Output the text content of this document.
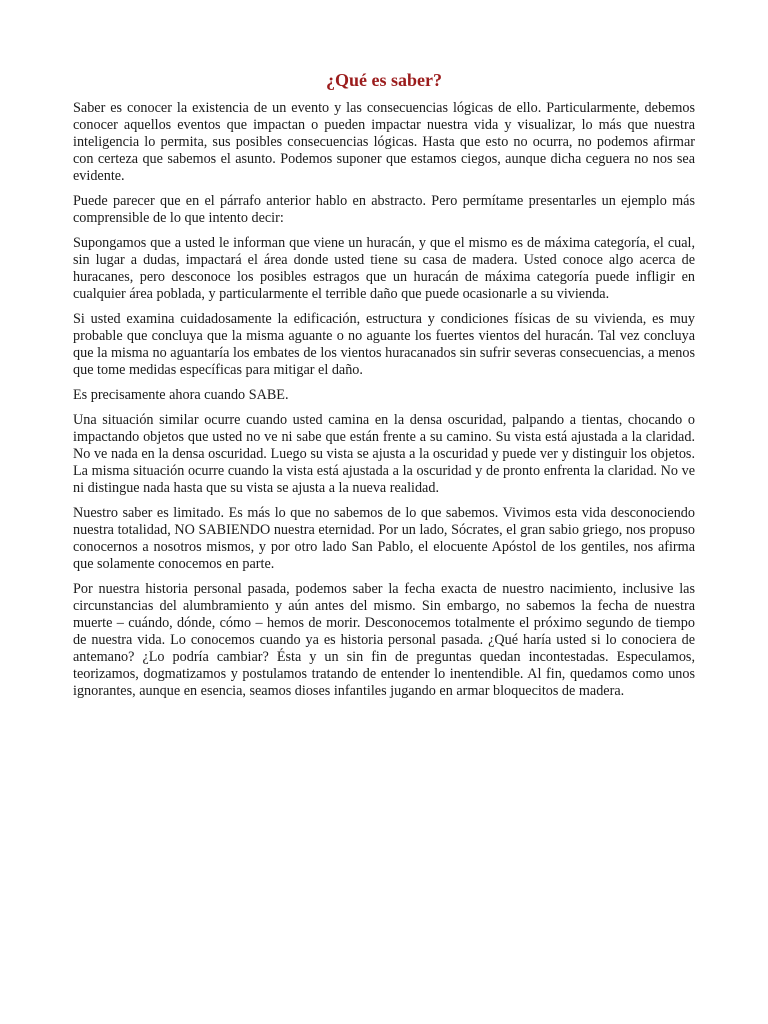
¿Qué es saber?

Saber es conocer la existencia de un evento y las consecuencias lógicas de ello. Particularmente, debemos conocer aquellos eventos que impactan o pueden impactar nuestra vida y visualizar, lo más que nuestra inteligencia lo permita, sus posibles consecuencias lógicas. Hasta que esto no ocurra, no podemos afirmar con certeza que sabemos el asunto. Podemos suponer que estamos ciegos, aunque dicha ceguera no nos sea evidente.

Puede parecer que en el párrafo anterior hablo en abstracto. Pero permítame presentarles un ejemplo más comprensible de lo que intento decir:

Supongamos que a usted le informan que viene un huracán, y que el mismo es de máxima categoría, el cual, sin lugar a dudas, impactará el área donde usted tiene su casa de madera. Usted conoce algo acerca de huracanes, pero desconoce los posibles estragos que un huracán de máxima categoría puede infligir en cualquier área poblada, y particularmente el terrible daño que puede ocasionarle a su vivienda.

Si usted examina cuidadosamente la edificación, estructura y condiciones físicas de su vivienda, es muy probable que concluya que la misma aguante o no aguante los fuertes vientos del huracán. Tal vez concluya que la misma no aguantaría los embates de los vientos huracanados sin sufrir severas consecuencias, a menos que tome medidas específicas para mitigar el daño.

Es precisamente ahora cuando SABE.

Una situación similar ocurre cuando usted camina en la densa oscuridad, palpando a tientas, chocando o impactando objetos que usted no ve ni sabe que están frente a su camino. Su vista está ajustada a la claridad. No ve nada en la densa oscuridad. Luego su vista se ajusta a la oscuridad y puede ver y distinguir los objetos. La misma situación ocurre cuando la vista está ajustada a la oscuridad y de pronto enfrenta la claridad. No ve ni distingue nada hasta que su vista se ajusta a la nueva realidad.

Nuestro saber es limitado. Es más lo que no sabemos de lo que sabemos. Vivimos esta vida desconociendo nuestra totalidad, NO SABIENDO nuestra eternidad. Por un lado, Sócrates, el gran sabio griego, nos propuso conocernos a nosotros mismos, y por otro lado San Pablo, el elocuente Apóstol de los gentiles, nos afirma que solamente conocemos en parte.

Por nuestra historia personal pasada, podemos saber la fecha exacta de nuestro nacimiento, inclusive las circunstancias del alumbramiento y aún antes del mismo. Sin embargo, no sabemos la fecha de nuestra muerte – cuándo, dónde, cómo – hemos de morir. Desconocemos totalmente el próximo segundo de tiempo de nuestra vida. Lo conocemos cuando ya es historia personal pasada. ¿Qué haría usted si lo conociera de antemano? ¿Lo podría cambiar? Ésta y un sin fin de preguntas quedan incontestadas. Especulamos, teorizamos, dogmatizamos y postulamos tratando de entender lo inentendible. Al fin, quedamos como unos ignorantes, aunque en esencia, seamos dioses infantiles jugando en armar bloquecitos de madera.
